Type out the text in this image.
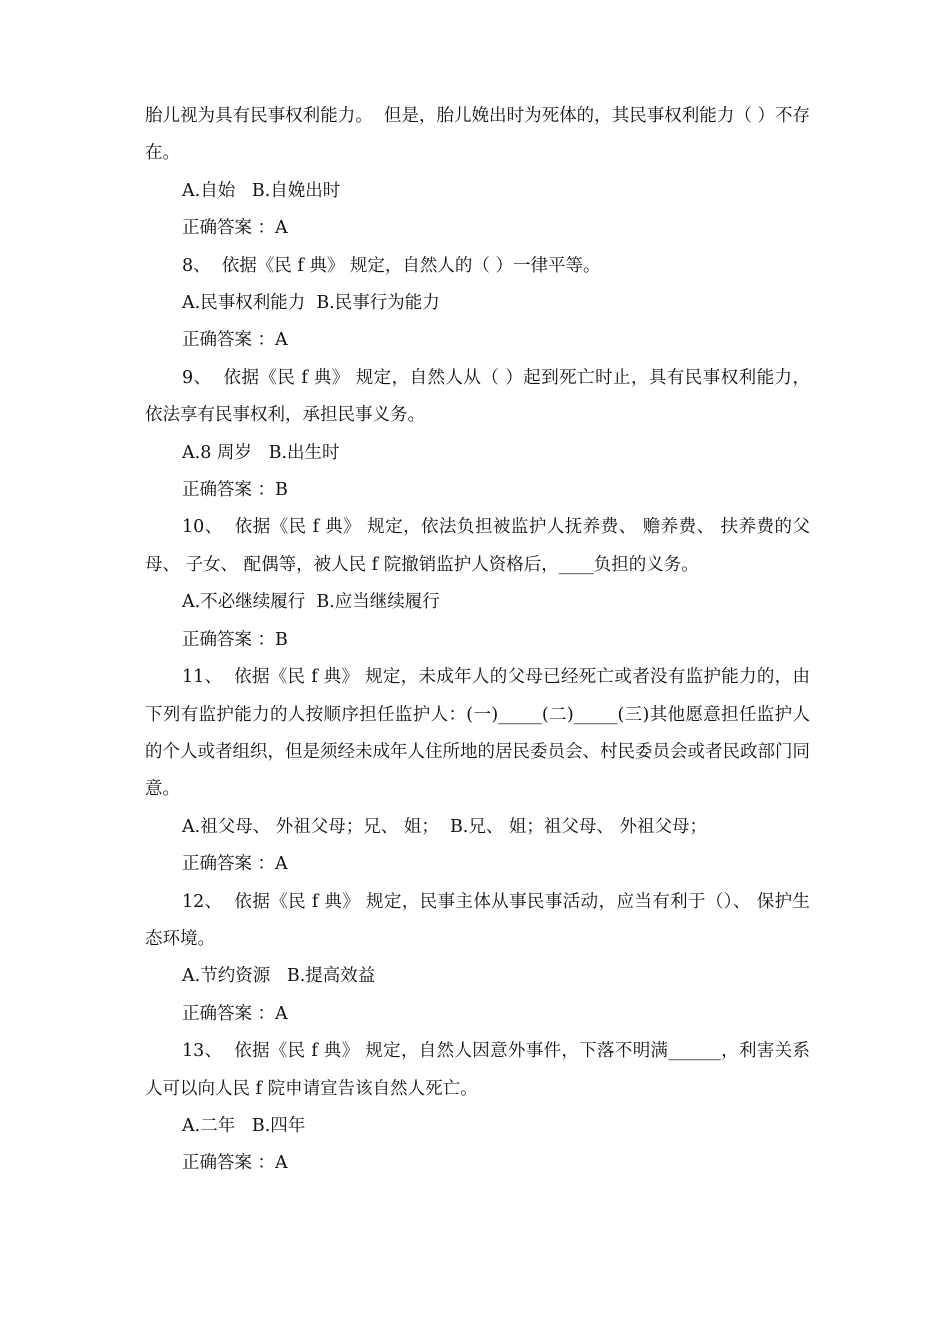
胎儿视为具有民事权利能力。  但是，胎儿娩出时为死体的，其民事权利能力（ ）不存在。

A.自始   B.自娩出时

正确答案 ：A

8、  依据《民 f 典》 规定，自然人的（ ）一律平等。

A.民事权利能力  B.民事行为能力

正确答案 ：A

9、  依据《民 f 典》 规定，自然人从（ ）起到死亡时止，具有民事权利能力，依法享有民事权利，承担民事义务。

A.8 周岁   B.出生时

正确答案 ：B

10、  依据《民 f 典》 规定，依法负担被监护人抚养费、 赡养费、 扶养费的父母、 子女、 配偶等，被人民 f 院撤销监护人资格后，____负担的义务。

A.不必继续履行  B.应当继续履行

正确答案 ：B

11、  依据《民 f 典》 规定，未成年人的父母已经死亡或者没有监护能力的，由下列有监护能力的人按顺序担任监护人：(一)_____(二)_____(三)其他愿意担任监护人的个人或者组织，但是须经未成年人住所地的居民委员会、村民委员会或者民政部门同意。

A.祖父母、 外祖父母；兄、 姐；  B.兄、 姐；祖父母、 外祖父母；

正确答案 ：A

12、  依据《民 f 典》 规定，民事主体从事民事活动，应当有利于（）、 保护生态环境。

A.节约资源   B.提高效益

正确答案 ：A

13、  依据《民 f 典》 规定，自然人因意外事件，下落不明满______，利害关系人可以向人民 f 院申请宣告该自然人死亡。

A.二年   B.四年

正确答案 ：A
